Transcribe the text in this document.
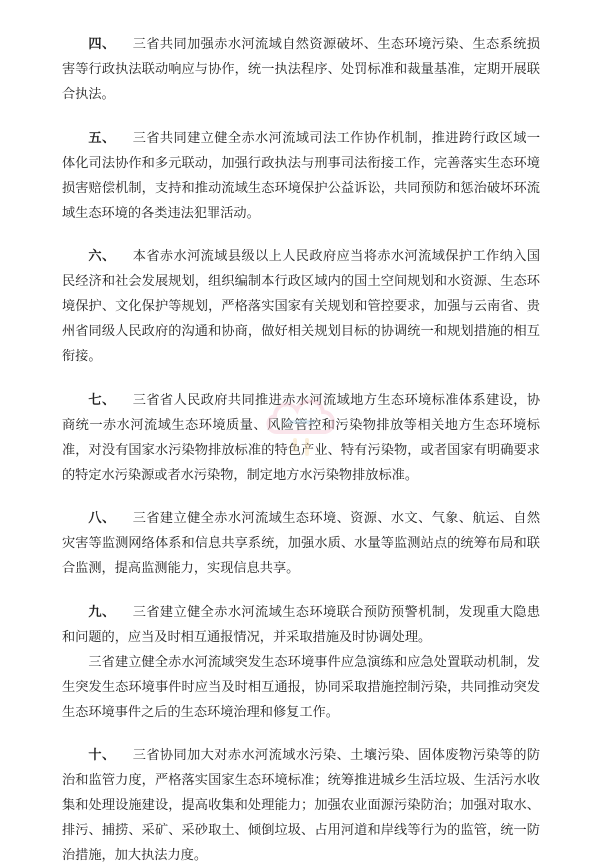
四、 三省共同加强赤水河流域自然资源破坏、生态环境污染、生态系统损害等行政执法联动响应与协作，统一执法程序、处罚标准和裁量基准，定期开展联合执法。

五、 三省共同建立健全赤水河流域司法工作协作机制，推进跨行政区域一体化司法协作和多元联动，加强行政执法与刑事司法衔接工作，完善落实生态环境损害赔偿机制，支持和推动流域生态环境保护公益诉讼，共同预防和惩治破坏环流域生态环境的各类违法犯罪活动。

六、 本省赤水河流域县级以上人民政府应当将赤水河流域保护工作纳入国民经济和社会发展规划，组织编制本行政区域内的国土空间规划和水资源、生态环境保护、文化保护等规划，严格落实国家有关规划和管控要求，加强与云南省、贵州省同级人民政府的沟通和协商，做好相关规划目标的协调统一和规划措施的相互衔接。

七、 三省省人民政府共同推进赤水河流域地方生态环境标准体系建设，协商统一赤水河流域生态环境质量、风险管控和污染物排放等相关地方生态环境标准，对没有国家水污染物排放标准的特色产业、特有污染物，或者国家有明确要求的特定水污染源或者水污染物，制定地方水污染物排放标准。

八、 三省建立健全赤水河流域生态环境、资源、水文、气象、航运、自然灾害等监测网络体系和信息共享系统，加强水质、水量等监测站点的统筹布局和联合监测，提高监测能力，实现信息共享。

九、 三省建立健全赤水河流域生态环境联合预防预警机制，发现重大隐患和问题的，应当及时相互通报情况，并采取措施及时协调处理。
三省建立健全赤水河流域突发生态环境事件应急演练和应急处置联动机制，发生突发生态环境事件时应当及时相互通报，协同采取措施控制污染，共同推动突发生态环境事件之后的生态环境治理和修复工作。

十、 三省协同加大对赤水河流域水污染、土壤污染、固体废物污染等的防治和监管力度，严格落实国家生态环境标准；统筹推进城乡生活垃圾、生活污水收集和处理设施建设，提高收集和处理能力；加强农业面源污染防治；加强对取水、排污、捕捞、采矿、采砂取土、倾倒垃圾、占用河道和岸线等行为的监管，统一防治措施，加大执法力度。
